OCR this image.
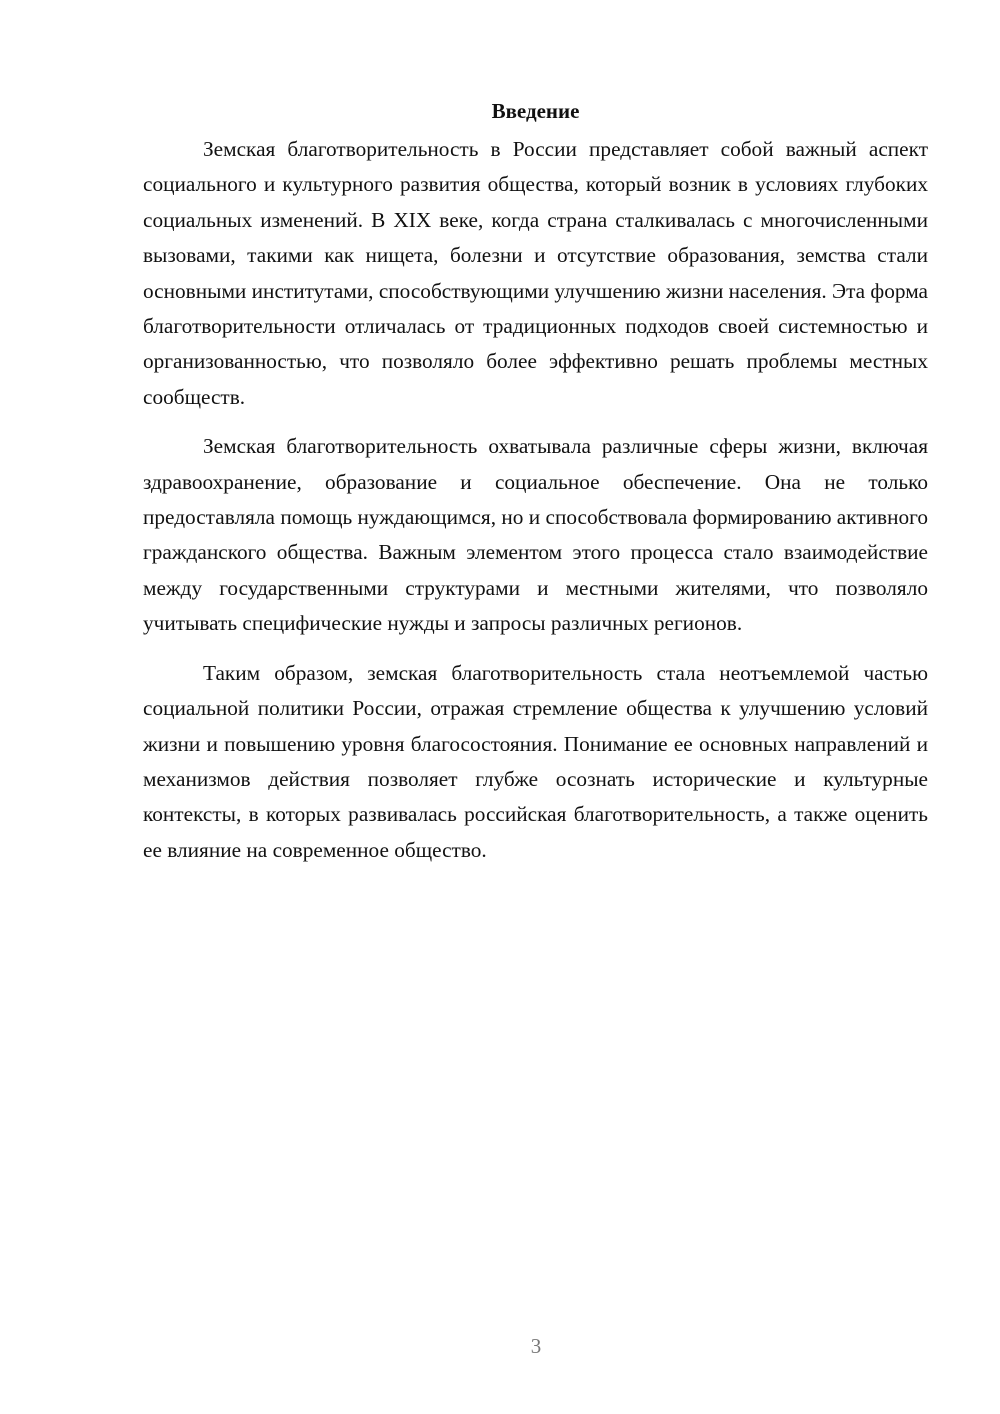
Введение

Земская благотворительность в России представляет собой важный аспект социального и культурного развития общества, который возник в условиях глубоких социальных изменений. В XIX веке, когда страна сталкивалась с многочисленными вызовами, такими как нищета, болезни и отсутствие образования, земства стали основными институтами, способствующими улучшению жизни населения. Эта форма благотворительности отличалась от традиционных подходов своей системностью и организованностью, что позволяло более эффективно решать проблемы местных сообществ.

Земская благотворительность охватывала различные сферы жизни, включая здравоохранение, образование и социальное обеспечение. Она не только предоставляла помощь нуждающимся, но и способствовала формированию активного гражданского общества. Важным элементом этого процесса стало взаимодействие между государственными структурами и местными жителями, что позволяло учитывать специфические нужды и запросы различных регионов.

Таким образом, земская благотворительность стала неотъемлемой частью социальной политики России, отражая стремление общества к улучшению условий жизни и повышению уровня благосостояния. Понимание ее основных направлений и механизмов действия позволяет глубже осознать исторические и культурные контексты, в которых развивалась российская благотворительность, а также оценить ее влияние на современное общество.

3
